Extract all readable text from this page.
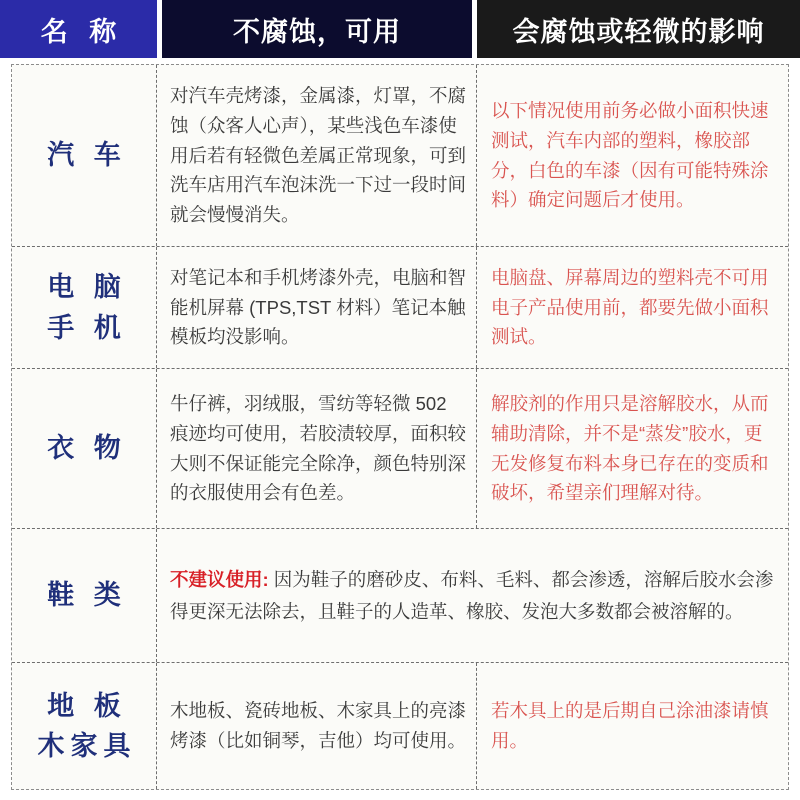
名 称	不腐蚀，可用	会腐蚀或轻微的影响
汽 车
对汽车壳烤漆，金属漆，灯罩，不腐蚀（众客人心声），某些浅色车漆使用后若有轻微色差属正常现象，可到洗车店用汽车泡沫洗一下过一段时间就会慢慢消失。
以下情况使用前务必做小面积快速测试，汽车内部的塑料，橡胶部分，白色的车漆（因有可能特殊涂料）确定问题后才使用。
电 脑
手 机
对笔记本和手机烤漆外壳，电脑和智能机屏幕 (TPS,TST 材料）笔记本触模板均没影响。
电脑盘、屏幕周边的塑料壳不可用电子产品使用前，都要先做小面积测试。
衣 物
牛仔裤，羽绒服，雪纺等轻微 502 痕迹均可使用，若胶渍较厚，面积较大则不保证能完全除净，颜色特别深的衣服使用会有色差。
解胶剂的作用只是溶解胶水，从而辅助清除，并不是“蒸发”胶水，更无发修复布料本身已存在的变质和破坏，希望亲们理解对待。
鞋 类
不建议使用: 因为鞋子的磨砂皮、布料、毛料、都会渗透，溶解后胶水会渗得更深无法除去，且鞋子的人造革、橡胶、发泡大多数都会被溶解的。
地 板
木家具
木地板、瓷砖地板、木家具上的亮漆烤漆（比如铜琴，吉他）均可使用。
若木具上的是后期自己涂油漆请慎用。
